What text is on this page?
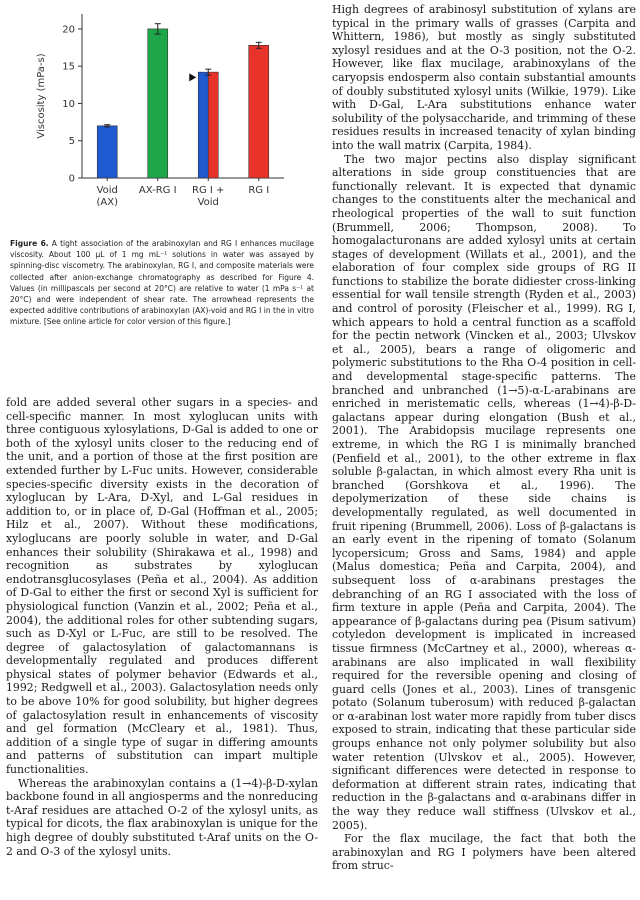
0
5
10
15
20
Viscosity (mPa-s)
Void
(AX)
AX-RG I RG I +
Void
RG I
Figure 6. A tight association of the arabinoxylan and RG I enhances mucilage viscosity. About 100 µL of 1 mg mL⁻¹ solutions in water was assayed by spinning-disc viscometry. The arabinoxylan, RG I, and composite materials were collected after anion-exchange chromatography as described for Figure 4. Values (in millipascals per second at 20°C) are relative to water (1 mPa s⁻¹ at 20°C) and were independent of shear rate. The arrowhead represents the expected additive contributions of arabinoxylan (AX)-void and RG I in the in vitro mixture. [See online article for color version of this figure.]

fold are added several other sugars in a species- and cell-specific manner. In most xyloglucan units with three contiguous xylosylations, D-Gal is added to one or both of the xylosyl units closer to the reducing end of the unit, and a portion of those at the first position are extended further by L-Fuc units. However, considerable species-specific diversity exists in the decoration of xyloglucan by L-Ara, D-Xyl, and L-Gal residues in addition to, or in place of, D-Gal (Hoffman et al., 2005; Hilz et al., 2007). Without these modifications, xyloglucans are poorly soluble in water, and D-Gal enhances their solubility (Shirakawa et al., 1998) and recognition as substrates by xyloglucan endotransglucosylases (Peña et al., 2004). As addition of D-Gal to either the first or second Xyl is sufficient for physiological function (Vanzin et al., 2002; Peña et al., 2004), the additional roles for other subtending sugars, such as D-Xyl or L-Fuc, are still to be resolved. The degree of galactosylation of galactomannans is developmentally regulated and produces different physical states of polymer behavior (Edwards et al., 1992; Redgwell et al., 2003). Galactosylation needs only to be above 10% for good solubility, but higher degrees of galactosylation result in enhancements of viscosity and gel formation (McCleary et al., 1981). Thus, addition of a single type of sugar in differing amounts and patterns of substitution can impart multiple functionalities.

Whereas the arabinoxylan contains a (1→4)-β-D-xylan backbone found in all angiosperms and the nonreducing t-Araf residues are attached O-2 of the xylosyl units, as typical for dicots, the flax arabinoxylan is unique for the high degree of doubly substituted t-Araf units on the O-2 and O-3 of the xylosyl units.

High degrees of arabinosyl substitution of xylans are typical in the primary walls of grasses (Carpita and Whittern, 1986), but mostly as singly substituted xylosyl residues and at the O-3 position, not the O-2. However, like flax mucilage, arabinoxylans of the caryopsis endosperm also contain substantial amounts of doubly substituted xylosyl units (Wilkie, 1979). Like with D-Gal, L-Ara substitutions enhance water solubility of the polysaccharide, and trimming of these residues results in increased tenacity of xylan binding into the wall matrix (Carpita, 1984).

The two major pectins also display significant alterations in side group constituencies that are functionally relevant. It is expected that dynamic changes to the constituents alter the mechanical and rheological properties of the wall to suit function (Brummell, 2006; Thompson, 2008). To homogalacturonans are added xylosyl units at certain stages of development (Willats et al., 2001), and the elaboration of four complex side groups of RG II functions to stabilize the borate didiester cross-linking essential for wall tensile strength (Ryden et al., 2003) and control of porosity (Fleischer et al., 1999). RG I, which appears to hold a central function as a scaffold for the pectin network (Vincken et al., 2003; Ulvskov et al., 2005), bears a range of oligomeric and polymeric substitutions to the Rha O-4 position in cell- and developmental stage-specific patterns. The branched and unbranched (1→5)-α-L-arabinans are enriched in meristematic cells, whereas (1→4)-β-D-galactans appear during elongation (Bush et al., 2001). The Arabidopsis mucilage represents one extreme, in which the RG I is minimally branched (Penfield et al., 2001), to the other extreme in flax soluble β-galactan, in which almost every Rha unit is branched (Gorshkova et al., 1996). The depolymerization of these side chains is developmentally regulated, as well documented in fruit ripening (Brummell, 2006). Loss of β-galactans is an early event in the ripening of tomato (Solanum lycopersicum; Gross and Sams, 1984) and apple (Malus domestica; Peña and Carpita, 2004), and subsequent loss of α-arabinans prestages the debranching of an RG I associated with the loss of firm texture in apple (Peña and Carpita, 2004). The appearance of β-galactans during pea (Pisum sativum) cotyledon development is implicated in increased tissue firmness (McCartney et al., 2000), whereas α-arabinans are also implicated in wall flexibility required for the reversible opening and closing of guard cells (Jones et al., 2003). Lines of transgenic potato (Solanum tuberosum) with reduced β-galactan or α-arabinan lost water more rapidly from tuber discs exposed to strain, indicating that these particular side groups enhance not only polymer solubility but also water retention (Ulvskov et al., 2005). However, significant differences were detected in response to deformation at different strain rates, indicating that reduction in the β-galactans and α-arabinans differ in the way they reduce wall stiffness (Ulvskov et al., 2005).

For the flax mucilage, the fact that both the arabinoxylan and RG I polymers have been altered from struc-
